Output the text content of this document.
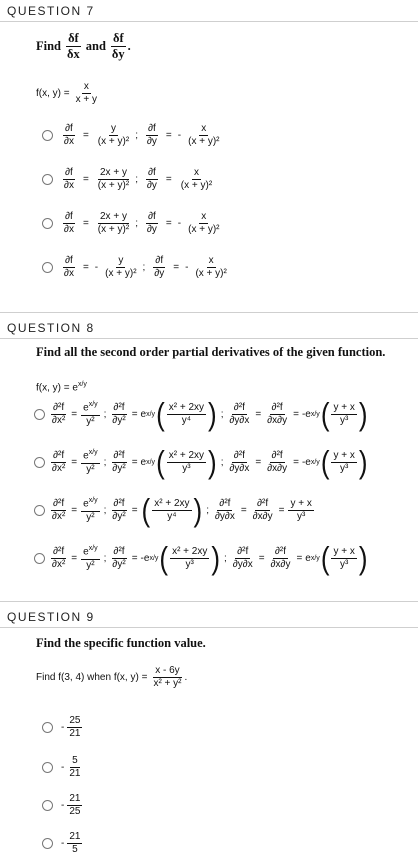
QUESTION 7
Find $\frac{\delta f}{\delta x}$ and $\frac{\delta f}{\delta y}$ .
f(x, $y) = \frac{x}{x + y}$
$\frac{\partial f}{\partial x} = \frac{y}{\text{(x + y)²}}$ ; $\frac{\partial f}{\partial y}$ = - $\frac{x}{\text{(x + y)²}}$
$\frac{\partial f}{\partial x} = \frac{2x + y}{\text{(x + y)²}}$ ; $\frac{\partial f}{\partial y} = \frac{x}{\text{(x + y)²}}$
$\frac{\partial f}{\partial x} = \frac{2x + y}{\text{(x + y)²}}$ ; $\frac{\partial f}{\partial y}$ = - $\frac{x}{\text{(x + y)²}}$
$\frac{\partial f}{\partial x}$ = - $\frac{y}{\text{(x + y)²}}$ ; $\frac{\partial f}{\partial y}$ = - $\frac{x}{\text{(x + y)²}}$
QUESTION 8
Find all the second order partial derivatives of the given function.
f(x, $y) = e^{x/y}$
$\frac{\text{∂²f}}{\text{∂x²}} = \frac{e^{x/y}}{\text{y²}}$ ; $\frac{\text{∂²f}}{\text{∂y²}} = e$ x/y ( $\frac{\text{x² + 2xy}}{\text{y⁴}}$ ) ; $\frac{\text{∂²f}}{\partial y\partial x} = \frac{\text{∂²f}}{\partial x\partial y}$ = - e x/y ( $\frac{y + x}{\text{y³}}$ )
$\frac{\text{∂²f}}{\text{∂x²}} = \frac{e^{x/y}}{\text{y²}}$ ; $\frac{\text{∂²f}}{\text{∂y²}} = e$ x/y ( $\frac{\text{x² + 2xy}}{\text{y³}}$ ) ; $\frac{\text{∂²f}}{\partial y\partial x} = \frac{\text{∂²f}}{\partial x\partial y}$ = - e x/y ( $\frac{y + x}{\text{y³}}$ )
$\frac{\text{∂²f}}{\text{∂x²}} = \frac{e^{x/y}}{\text{y²}}$ ; $\frac{\text{∂²f}}{\text{∂y²}}$ = ( $\frac{\text{x² + 2xy}}{\text{y⁴}}$ ) ; $\frac{\text{∂²f}}{\partial y\partial x} = \frac{\text{∂²f}}{\partial x\partial y} = \frac{y + x}{\text{y³}}$
$\frac{\text{∂²f}}{\text{∂x²}} = \frac{e^{x/y}}{\text{y²}}$ ; $\frac{\text{∂²f}}{\text{∂y²}}$ = - e x/y ( $\frac{\text{x² + 2xy}}{\text{y³}}$ ) ; $\frac{\text{∂²f}}{\partial y\partial x} = \frac{\text{∂²f}}{\partial x\partial y} = e$ x/y ( $\frac{y + x}{\text{y³}}$ )
QUESTION 9
Find the specific function value.
Find f(3, 4) when f(x, $y) = \frac{x - 6y}{\text{x² + y²}}$ .
- $\frac{25}{21}$
- $\frac{5}{21}$
- $\frac{21}{25}$
- $\frac{21}{5}$
